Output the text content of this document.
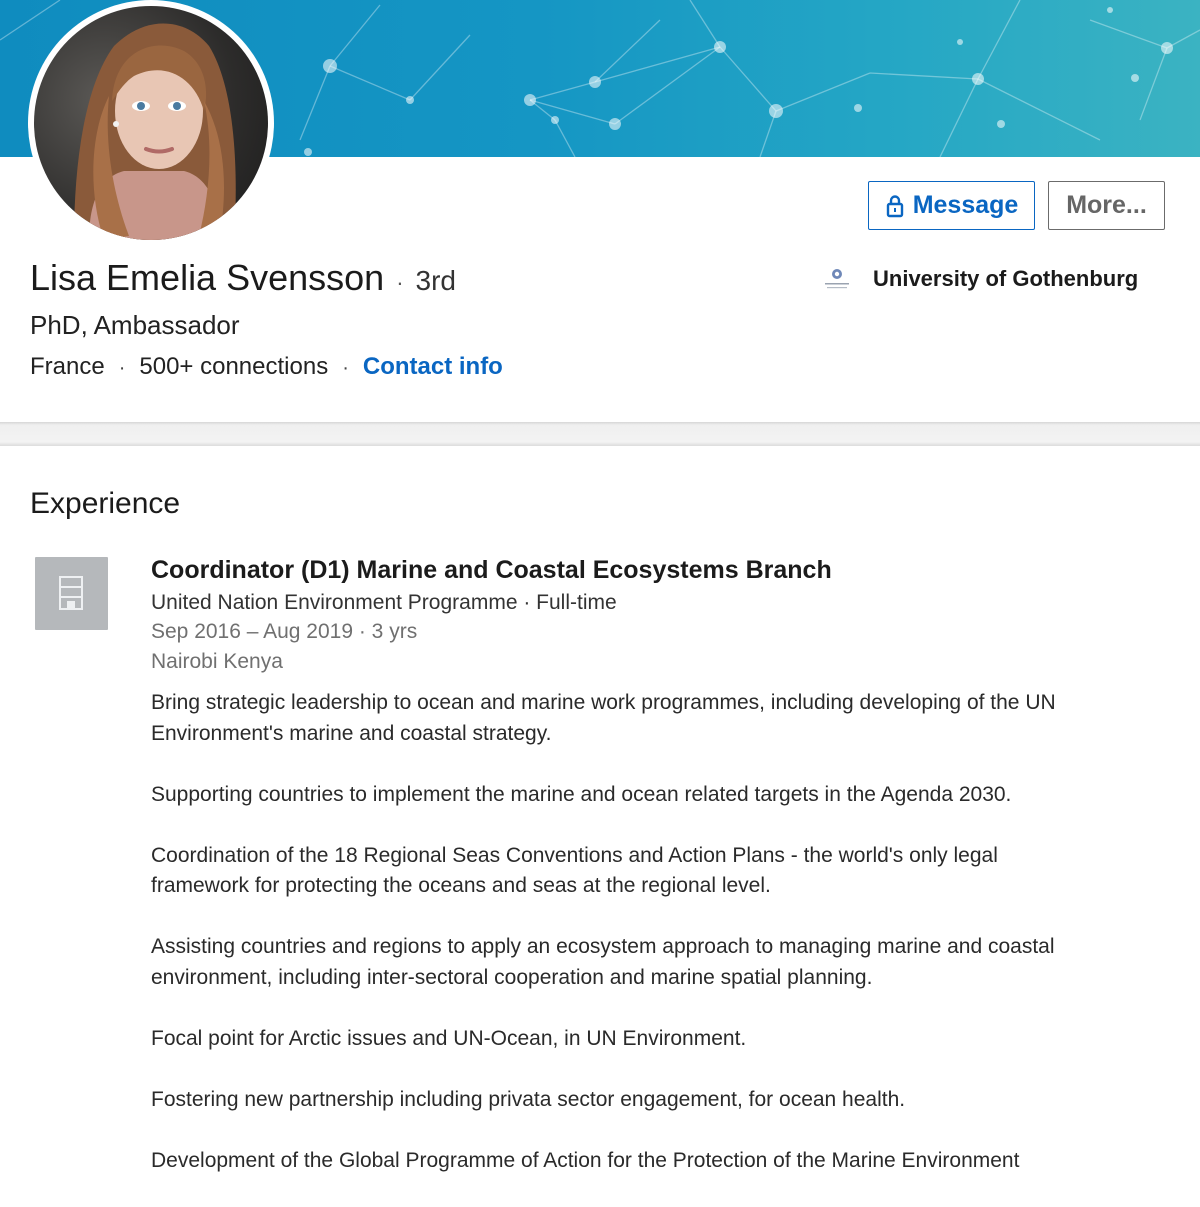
Message More...
Lisa Emelia Svensson · 3rd
PhD, Ambassador
France · 500+ connections · Contact info
University of Gothenburg
Experience
Coordinator (D1) Marine and Coastal Ecosystems Branch
United Nation Environment Programme · Full-time
Sep 2016 – Aug 2019 · 3 yrs
Nairobi Kenya

Bring strategic leadership to ocean and marine work programmes, including developing of the UN Environment's marine and coastal strategy.

Supporting countries to implement the marine and ocean related targets in the Agenda 2030.

Coordination of the 18 Regional Seas Conventions and Action Plans - the world's only legal framework for protecting the oceans and seas at the regional level.

Assisting countries and regions to apply an ecosystem approach to managing marine and coastal environment, including inter-sectoral cooperation and marine spatial planning.

Focal point for Arctic issues and UN-Ocean, in UN Environment.

Fostering new partnership including privata sector engagement, for ocean health.

Development of the Global Programme of Action for the Protection of the Marine Environment
